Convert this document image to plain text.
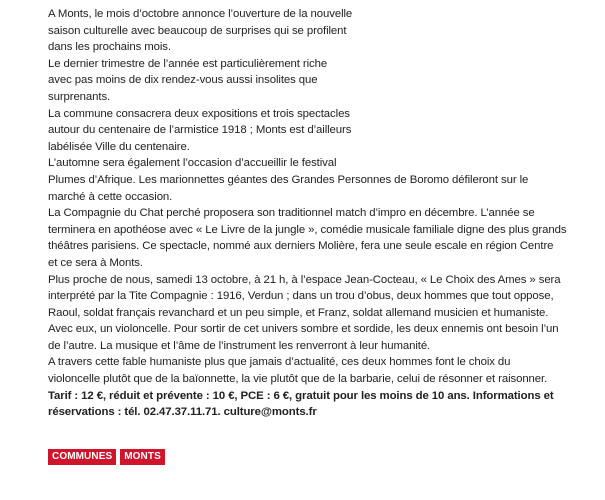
A Monts, le mois d’octobre annonce l’ouverture de la nouvelle
saison culturelle avec beaucoup de surprises qui se profilent
dans les prochains mois.
Le dernier trimestre de l’année est particulièrement riche
avec pas moins de dix rendez-vous aussi insolites que
surprenants.
La commune consacrera deux expositions et trois spectacles
autour du centenaire de l’armistice 1918 ; Monts est d’ailleurs
labélisée Ville du centenaire.
L’automne sera également l’occasion d’accueillir le festival
Plumes d’Afrique. Les marionnettes géantes des Grandes Personnes de Boromo défileront sur le
marché à cette occasion.
La Compagnie du Chat perché proposera son traditionnel match d’impro en décembre. L’année se
terminera en apothéose avec « Le Livre de la jungle », comédie musicale familiale digne des plus grands
théâtres parisiens. Ce spectacle, nommé aux derniers Molière, fera une seule escale en région Centre
et ce sera à Monts.
Plus proche de nous, samedi 13 octobre, à 21 h, à l’espace Jean-Cocteau, « Le Choix des Ames » sera
interprété par la Tite Compagnie : 1916, Verdun ; dans un trou d’obus, deux hommes que tout oppose,
Raoul, soldat français revanchard et un peu simple, et Franz, soldat allemand musicien et humaniste.
Avec eux, un violoncelle. Pour sortir de cet univers sombre et sordide, les deux ennemis ont besoin l’un
de l’autre. La musique et l’âme de l’instrument les renverront à leur humanité.
A travers cette fable humaniste plus que jamais d’actualité, ces deux hommes font le choix du
violoncelle plutôt que de la baïonnette, la vie plutôt que de la barbarie, celui de résonner et raisonner.
Tarif : 12 €, réduit et prévente : 10 €, PCE : 6 €, gratuit pour les moins de 10 ans. Informations et
réservations : tél. 02.47.37.11.71. culture@monts.fr
COMMUNES	MONTS
